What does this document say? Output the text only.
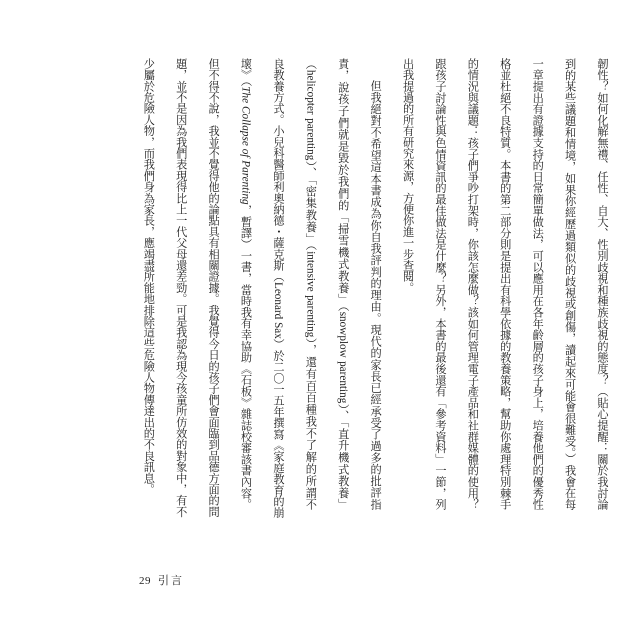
韌性？如何化解無禮、任性、自大、性別歧視和種族歧視的態度？（貼心提醒：關於我討論
到的某些議題和情境，如果你經歷過類似的歧視或創傷，讀起來可能會很難受。）我會在每
一章提出有證據支持的日常簡單做法，可以應用在各年齡層的孩子身上，培養他們的優秀性
格並杜絕不良特質。本書的第二部分則是提出有科學依據的教養策略，幫助你處理特別棘手
的情況與議題：孩子們爭吵打架時，你該怎麼做？該如何管理電子產品和社群媒體的使用？
跟孩子討論性與色情資訊的最佳做法是什麼？另外，本書的最後還有「參考資料」一節，列
出我提過的所有研究來源，方便你進一步查閱。
但我絕對不希望這本書成為你自我評判的理由。現代的家長已經承受了過多的批評指
責，說孩子們就是毀於我們的「掃雪機式教養」（snowplow parenting）、「直升機式教養」
（helicopter parenting）、「密集教養」（intensive parenting），還有百百種我不了解的所謂不
良教養方式。小兒科醫師利奧納德・薩克斯（Leonard Sax）於二〇一五年撰寫《家庭教育的崩
壞》（The Collapse of Parenting，暫譯）一書，當時我有幸協助《石板》雜誌校審該書內容。
但不得不說，我並不覺得他的論點具有相關證據。我覺得今日的孩子們會面臨到品德方面的問
題，並不是因為我們表現得比上一代父母還差勁。可是我認為現今孩童所仿效的對象中，有不
少屬於危險人物，而我們身為家長，應竭盡所能地排除這些危險人物傳達出的不良訊息。
29 引言
